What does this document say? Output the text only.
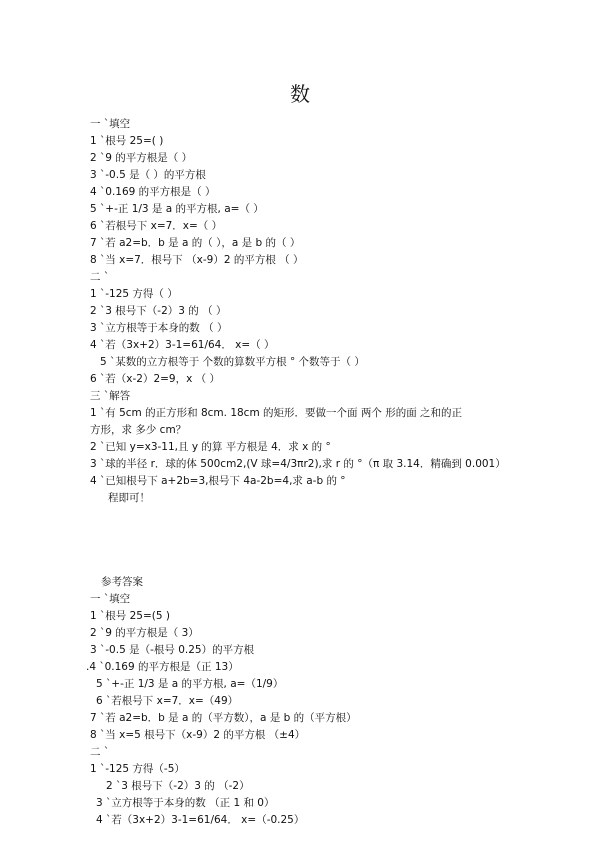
数
一 `填空
1 `根号 25=( )
2 `9 的平方根是（ ）
3 `-0.5 是（ ）的平方根
4 `0.169 的平方根是（ ）
5 `+-正 1/3 是 a 的平方根, a=（ ）
6 `若根号下 x=7．x=（ ）
7 `若 a2=b．b 是 a 的（ ），a 是 b 的（ ）
8 `当 x=7．根号下 （x-9）2 的平方根 （ ）
二 `
1 `-125 方得（ ）
2 `3 根号下（-2）3 的 （ ）
3 `立方根等于本身的数 （ ）
4 `若（3x+2）3-1=61/64． x=（ ）
5 `某数的立方根等于 个数的算数平方根 ° 个数等于（ ）
6 `若（x-2）2=9，x （ ）
三 `解答
1 `有 5cm 的正方形和 8cm. 18cm 的矩形．要做一个面 两个 形的面 之和的正
方形，求 多少 cm？
2 `已知 y=x3-11,且 y 的算 平方根是 4．求 x 的 °
3 `球的半径 r．球的体 500cm2,(V 球=4/3πr2),求 r 的 °（π 取 3.14．精确到 0.001）
4 `已知根号下 a+2b=3,根号下 4a-2b=4,求 a-b 的 °
程即可！
参考答案
一 `填空
1 `根号 25=(5 )
2 `9 的平方根是（ 3）
3 `-0.5 是（-根号 0.25）的平方根
.4 `0.169 的平方根是（正 13）
5 `+-正 1/3 是 a 的平方根, a=（1/9）
6 `若根号下 x=7．x=（49）
7 `若 a2=b．b 是 a 的（平方数），a 是 b 的（平方根）
8 `当 x=5 根号下（x-9）2 的平方根 （±4）
二 `
1 `-125 方得（-5）
2 `3 根号下（-2）3 的 （-2）
3 `立方根等于本身的数 （正 1 和 0）
4 `若（3x+2）3-1=61/64． x=（-0.25）
